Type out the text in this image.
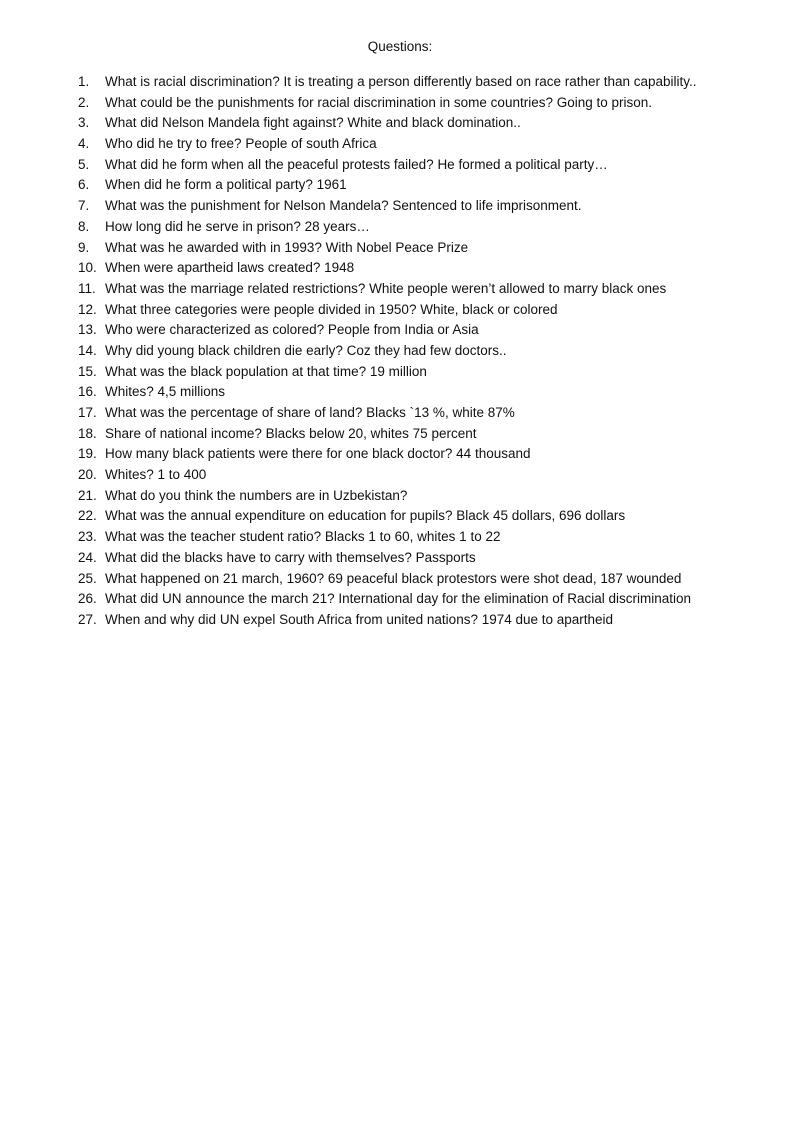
Questions:
1.	What is racial discrimination? It is treating a person differently based on race rather than capability..
2.	What could be the punishments for racial discrimination in some countries? Going to prison.
3.	What did Nelson Mandela fight against? White and black domination..
4.	Who did he try to free? People of south Africa
5.	What did he form when all the peaceful protests failed? He formed a political party…
6.	When did he form a political party? 1961
7.	What was the punishment for Nelson Mandela? Sentenced to life imprisonment.
8.	How long did he serve in prison? 28 years…
9.	What was he awarded with in 1993? With Nobel Peace Prize
10. When were apartheid laws created? 1948
11. What was the marriage related restrictions? White people weren’t allowed to marry black ones
12. What three categories were people divided in 1950? White, black or colored
13. Who were characterized as colored? People from India or Asia
14. Why did young black children die early? Coz they had few doctors..
15. What was the black population at that time? 19 million
16. Whites? 4,5 millions
17. What was the percentage of share of land? Blacks `13 %, white 87%
18. Share of national income? Blacks below 20, whites 75 percent
19. How many black patients were there for one black doctor? 44 thousand
20. Whites? 1 to 400
21. What do you think the numbers are in Uzbekistan?
22. What was the annual expenditure on education for pupils? Black 45 dollars, 696 dollars
23. What was the teacher student ratio? Blacks 1 to 60, whites 1 to 22
24. What did the blacks have to carry with themselves? Passports
25. What happened on 21 march, 1960? 69 peaceful black protestors were shot dead, 187 wounded
26. What did UN announce the march 21? International day for the elimination of Racial discrimination
27. When and why did UN expel South Africa from united nations? 1974 due to apartheid
